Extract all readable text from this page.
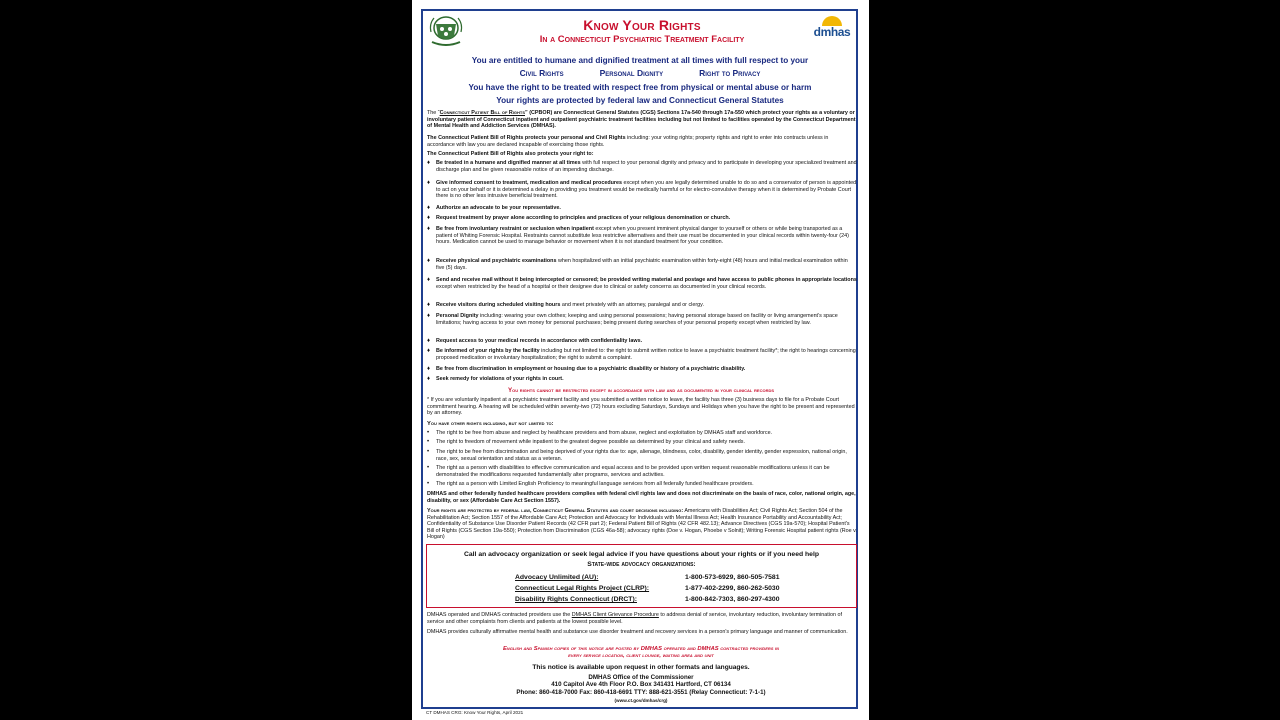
dmhas
Know Your Rights
In a Connecticut Psychiatric Treatment Facility
You are entitled to humane and dignified treatment at all times with full respect to your
Civil Rights	Personal Dignity	Right to Privacy
You have the right to be treated with respect free from physical or mental abuse or harm
Your rights are protected by federal law and Connecticut General Statutes
The “Connecticut Patient Bill of Rights” (CPBOR) are Connecticut General Statutes (CGS) Sections 17a-540 through 17a-550 which protect your rights as a voluntary or involuntary patient of Connecticut inpatient and outpatient psychiatric treatment facilities including but not limited to facilities operated by the Connecticut Department of Mental Health and Addiction Services (DMHAS).
The Connecticut Patient Bill of Rights protects your personal and Civil Rights including: your voting rights; property rights and right to enter into contracts unless in accordance with law you are declared incapable of exercising those rights.
The Connecticut Patient Bill of Rights also protects your right to:
♦ Be treated in a humane and dignified manner at all times with full respect to your personal dignity and privacy and to participate in developing your specialized treatment and discharge plan and be given reasonable notice of an impending discharge.
♦ Give informed consent to treatment, medication and medical procedures except when you are legally determined unable to do so and a conservator of person is appointed to act on your behalf or it is determined a delay in providing you treatment would be medically harmful or for electro-convulsive therapy when it is determined by Probate Court there is no other less intrusive beneficial treatment.
♦ Authorize an advocate to be your representative.
♦ Request treatment by prayer alone according to principles and practices of your religious denomination or church.
♦ Be free from involuntary restraint or seclusion when inpatient except when you present imminent physical danger to yourself or others or while being transported as a patient of Whiting Forensic Hospital. Restraints cannot substitute less restrictive alternatives and their use must be documented in your clinical records within twenty-four (24) hours. Medication cannot be used to manage behavior or movement when it is not standard treatment for your condition.
♦ Receive physical and psychiatric examinations when hospitalized with an initial psychiatric examination within forty-eight (48) hours and initial medical examination within five (5) days.
♦ Send and receive mail without it being intercepted or censored; be provided writing material and postage and have access to public phones in appropriate locations except when restricted by the head of a hospital or their designee due to clinical or safety concerns as documented in your clinical records.
♦ Receive visitors during scheduled visiting hours and meet privately with an attorney, paralegal and or clergy.
♦ Personal Dignity including: wearing your own clothes; keeping and using personal possessions; having personal storage based on facility or living arrangement’s space limitations; having access to your own money for personal purchases; being present during searches of your personal property except when restricted by law.
♦ Request access to your medical records in accordance with confidentiality laws.
♦ Be informed of your rights by the facility including but not limited to: the right to submit written notice to leave a psychiatric treatment facility*; the right to hearings concerning proposed medication or involuntary hospitalization; the right to submit a complaint.
♦ Be free from discrimination in employment or housing due to a psychiatric disability or history of a psychiatric disability.
♦ Seek remedy for violations of your rights in court.
You rights cannot be restricted except in accordance with law and as documented in your clinical records
* If you are voluntarily inpatient at a psychiatric treatment facility and you submitted a written notice to leave, the facility has three (3) business days to file for a Probate Court commitment hearing. A hearing will be scheduled within seventy-two (72) hours excluding Saturdays, Sundays and Holidays when you have the right to be present and represented by an attorney.
You have other rights including, but not limited to:
• The right to be free from abuse and neglect by healthcare providers and from abuse, neglect and exploitation by DMHAS staff and workforce.
• The right to freedom of movement while inpatient to the greatest degree possible as determined by your clinical and safety needs.
• The right to be free from discrimination and being deprived of your rights due to: age, alienage, blindness, color, disability, gender identity, gender expression, national origin, race, sex, sexual orientation and status as a veteran.
• The right as a person with disabilities to effective communication and equal access and to be provided upon written request reasonable modifications unless it can be demonstrated the modifications requested fundamentally alter programs, services and activities.
• The right as a person with Limited English Proficiency to meaningful language services from all federally funded healthcare providers.
DMHAS and other federally funded healthcare providers complies with federal civil rights law and does not discriminate on the basis of race, color, national origin, age, disability, or sex (Affordable Care Act Section 1557).
Your rights are protected by federal law, Connecticut General Statutes and court decisions including: Americans with Disabilities Act; Civil Rights Act; Section 504 of the Rehabilitation Act; Section 1557 of the Affordable Care Act; Protection and Advocacy for Individuals with Mental Illness Act; Health Insurance Portability and Accountability Act; Confidentiality of Substance Use Disorder Patient Records (42 CFR part 2); Federal Patient Bill of Rights (42 CFR 482.13); Advance Directives (CGS 19a-570); Hospital Patient's Bill of Rights (CGS Section 19a-550); Protection from Discrimination (CGS 46a-58); advocacy rights (Doe v. Hogan, Phoebe v Solnit); Writing Forensic Hospital patient rights (Roe v. Hogan)
Call an advocacy organization or seek legal advice if you have questions about your rights or if you need help
State-wide advocacy organizations:
Advocacy Unlimited (AU):	1-800-573-6929, 860-505-7581
Connecticut Legal Rights Project (CLRP):	1-877-402-2299, 860-262-5030
Disability Rights Connecticut (DRCT):	1-800-842-7303, 860-297-4300
DMHAS operated and DMHAS contracted providers use the DMHAS Client Grievance Procedure to address denial of service, involuntary reduction, involuntary termination of service and other complaints from clients and patients at the lowest possible level.
DMHAS provides culturally affirmative mental health and substance use disorder treatment and recovery services in a person's primary language and manner of communication.
English and Spanish copies of this notice are posted by DMHAS operated and DMHAS contracted providers in
every service location, client lounge, waiting area and unit
This notice is available upon request in other formats and languages.
DMHAS Office of the Commissioner
410 Capitol Ave 4th Floor P.O. Box 341431 Hartford, CT 06134
Phone: 860-418-7000 Fax: 860-418-6691 TTY: 888-621-3551 (Relay Connecticut: 7-1-1)
(www.ct.gov/dmhas/crg)
CT DMHAS CRG: Know Your Rights, April 2021
